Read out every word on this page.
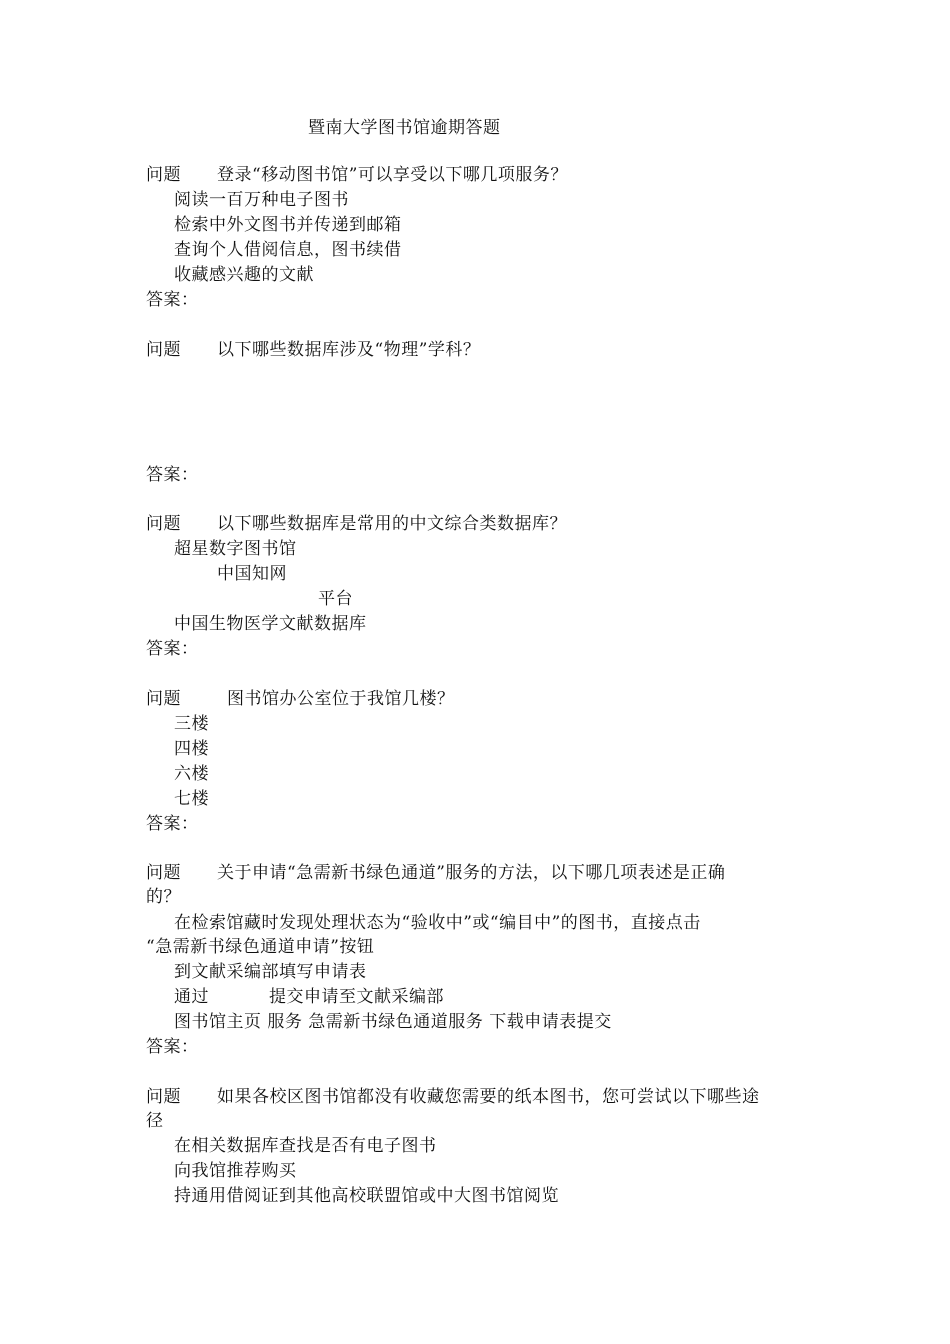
暨南大学图书馆逾期答题
问题 登录“移动图书馆”可以享受以下哪几项服务？
阅读一百万种电子图书
检索中外文图书并传递到邮箱
查询个人借阅信息，图书续借
收藏感兴趣的文献
答案：
问题 以下哪些数据库涉及“物理”学科？
答案：
问题 以下哪些数据库是常用的中文综合类数据库？
超星数字图书馆
中国知网
平台
中国生物医学文献数据库
答案：
问题	图书馆办公室位于我馆几楼？
三楼
四楼
六楼
七楼
答案：
问题 关于申请“急需新书绿色通道”服务的方法，以下哪几项表述是正确
的？
在检索馆藏时发现处理状态为“验收中”或“编目中”的图书，直接点击
“急需新书绿色通道申请”按钮
到文献采编部填写申请表
通过	提交申请至文献采编部
图书馆主页 服务 急需新书绿色通道服务 下载申请表提交
答案：
问题 如果各校区图书馆都没有收藏您需要的纸本图书，您可尝试以下哪些途
径
在相关数据库查找是否有电子图书
向我馆推荐购买
持通用借阅证到其他高校联盟馆或中大图书馆阅览
